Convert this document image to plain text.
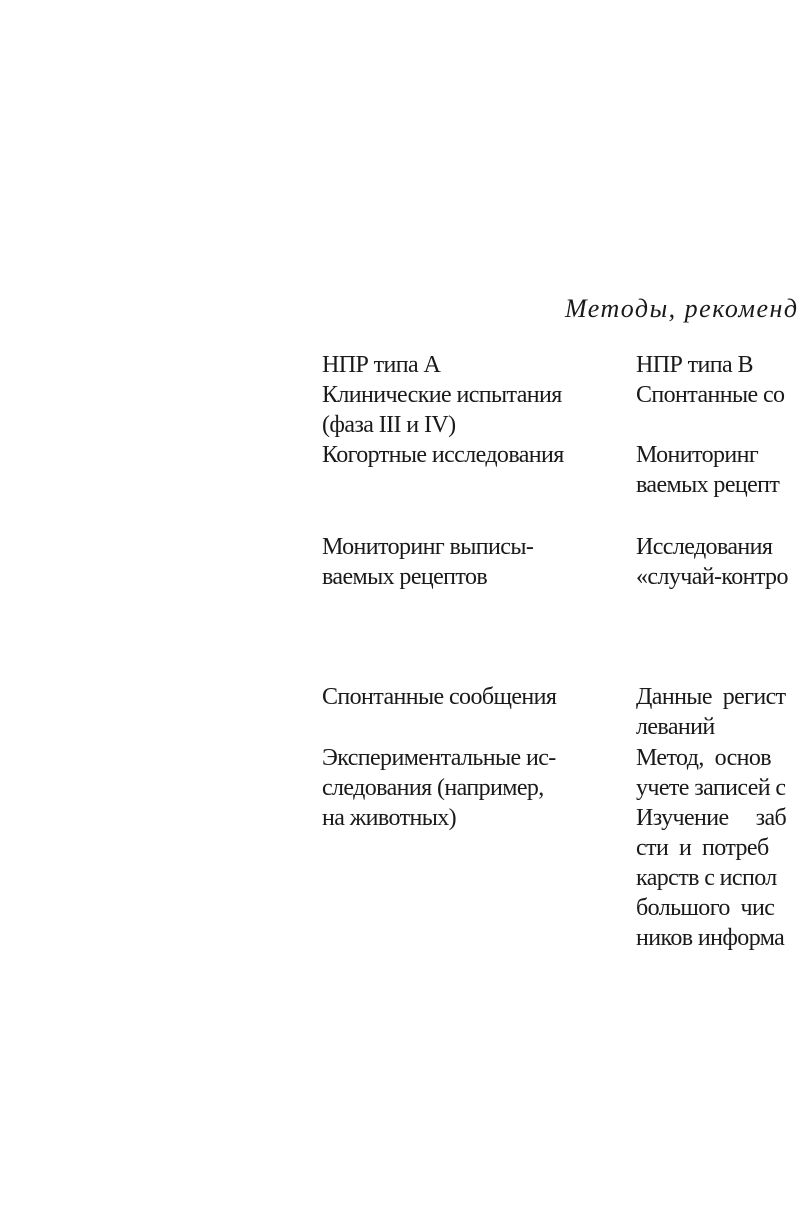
Методы, рекоменд
НПР типа А
Клинические испытания
(фаза III и IV)
Когортные исследования
Мониторинг выписы-
ваемых рецептов
Спонтанные сообщения
Экспериментальные ис-
следования (например,
на животных)
НПР типа В
Спонтанные со
Мониторинг
ваемых рецепт
Исследования
«случай-контро
Данные  регист
леваний
Метод,  основ
учете записей с
Изучение     заб
сти  и  потреб
карств с испол
большого  чис
ников информа
